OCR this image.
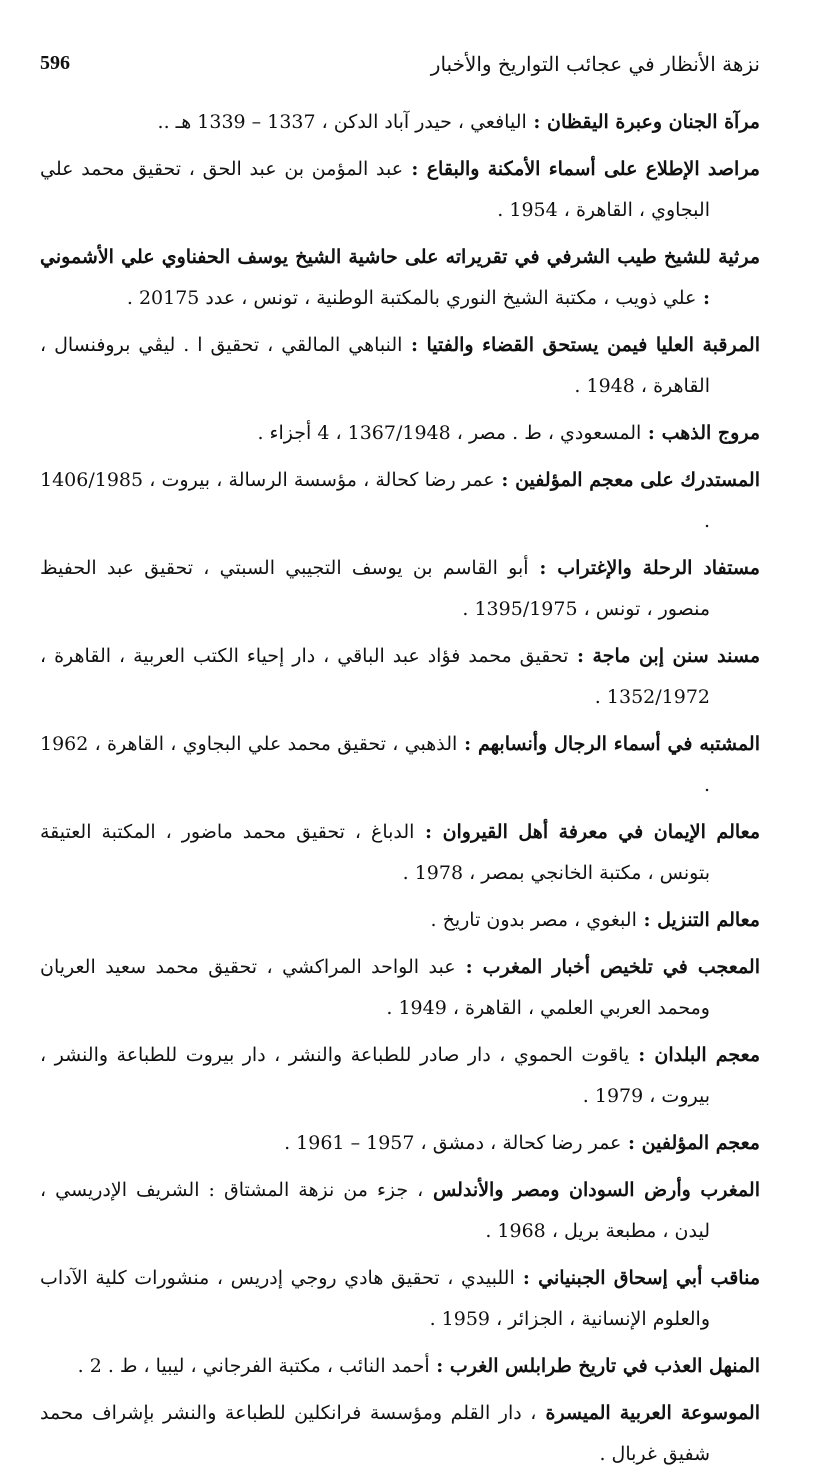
نزهة الأنظار في عجائب التواريخ والأخبار
596

مرآة الجنان وعبرة اليقظان : اليافعي ، حيدر آباد الدكن ، 1337 – 1339 هـ ..

مراصد الإطلاع على أسماء الأمكنة والبقاع : عبد المؤمن بن عبد الحق ، تحقيق محمد علي البجاوي ، القاهرة ، 1954 .

مرثية للشيخ طيب الشرفي في تقريراته على حاشية الشيخ يوسف الحفناوي علي الأشموني : علي ذويب ، مكتبة الشيخ النوري بالمكتبة الوطنية ، تونس ، عدد 20175 .

المرقبة العليا فيمن يستحق القضاء والفتيا : النباهي المالقي ، تحقيق ا . ليڤي بروفنسال ، القاهرة ، 1948 .

مروج الذهب : المسعودي ، ط . مصر ، 1367/1948 ، 4 أجزاء .

المستدرك على معجم المؤلفين : عمر رضا كحالة ، مؤسسة الرسالة ، بيروت ، 1406/1985 .

مستفاد الرحلة والإغتراب : أبو القاسم بن يوسف التجيبي السبتي ، تحقيق عبد الحفيظ منصور ، تونس ، 1395/1975 .

مسند سنن إبن ماجة : تحقيق محمد فؤاد عبد الباقي ، دار إحياء الكتب العربية ، القاهرة ، 1352/1972 .

المشتبه في أسماء الرجال وأنسابهم : الذهبي ، تحقيق محمد علي البجاوي ، القاهرة ، 1962 .

معالم الإيمان في معرفة أهل القيروان : الدباغ ، تحقيق محمد ماضور ، المكتبة العتيقة بتونس ، مكتبة الخانجي بمصر ، 1978 .

معالم التنزيل : البغوي ، مصر بدون تاريخ .

المعجب في تلخيص أخبار المغرب : عبد الواحد المراكشي ، تحقيق محمد سعيد العريان ومحمد العربي العلمي ، القاهرة ، 1949 .

معجم البلدان : ياقوت الحموي ، دار صادر للطباعة والنشر ، دار بيروت للطباعة والنشر ، بيروت ، 1979 .

معجم المؤلفين : عمر رضا كحالة ، دمشق ، 1957 – 1961 .

المغرب وأرض السودان ومصر والأندلس ، جزء من نزهة المشتاق : الشريف الإدريسي ، ليدن ، مطبعة بريل ، 1968 .

مناقب أبي إسحاق الجبنياني : اللبيدي ، تحقيق هادي روجي إدريس ، منشورات كلية الآداب والعلوم الإنسانية ، الجزائر ، 1959 .

المنهل العذب في تاريخ طرابلس الغرب : أحمد النائب ، مكتبة الفرجاني ، ليبيا ، ط . 2 .

الموسوعة العربية الميسرة ، دار القلم ومؤسسة فرانكلين للطباعة والنشر بإشراف محمد شفيق غربال .
